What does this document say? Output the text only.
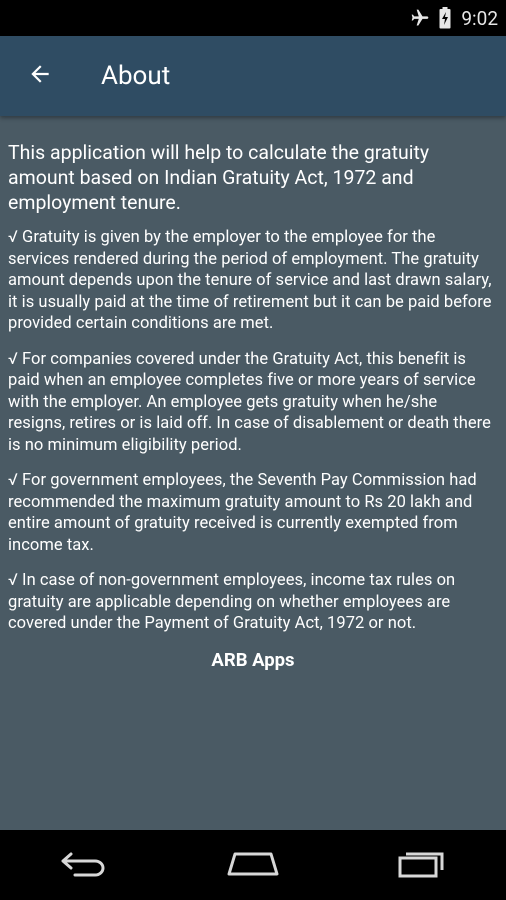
9:02
About

This application will help to calculate the gratuity amount based on Indian Gratuity Act, 1972 and employment tenure.

√ Gratuity is given by the employer to the employee for the services rendered during the period of employment. The gratuity amount depends upon the tenure of service and last drawn salary, it is usually paid at the time of retirement but it can be paid before provided certain conditions are met.

√ For companies covered under the Gratuity Act, this benefit is paid when an employee completes five or more years of service with the employer. An employee gets gratuity when he/she resigns, retires or is laid off. In case of disablement or death there is no minimum eligibility period.

√ For government employees, the Seventh Pay Commission had recommended the maximum gratuity amount to Rs 20 lakh and entire amount of gratuity received is currently exempted from income tax.

√ In case of non-government employees, income tax rules on gratuity are applicable depending on whether employees are covered under the Payment of Gratuity Act, 1972 or not.

ARB Apps
